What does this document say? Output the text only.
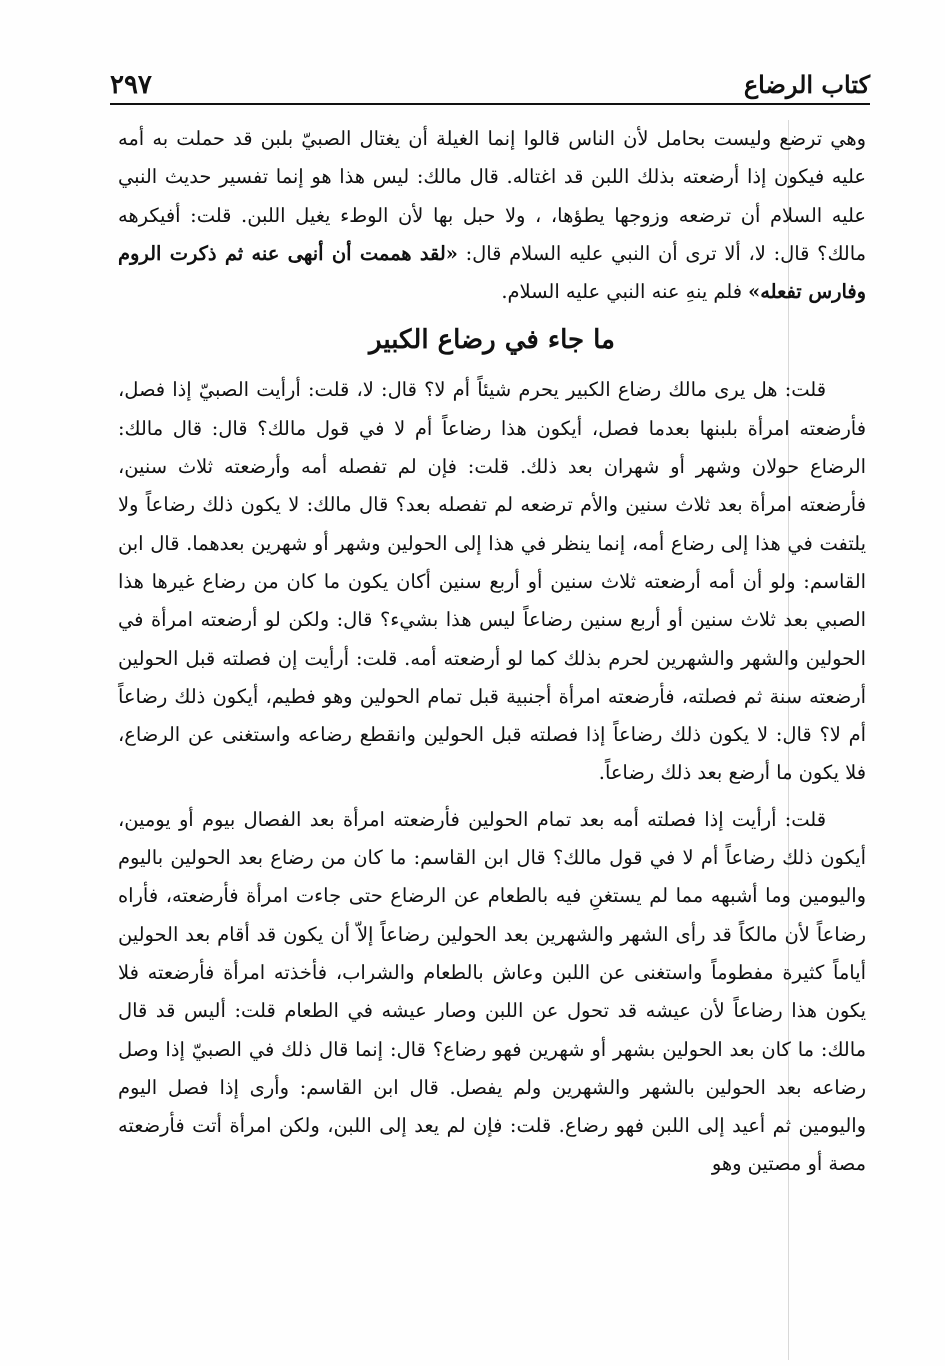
كتاب الرضاع
٢٩٧

وهي ترضع وليست بحامل لأن الناس قالوا إنما الغيلة أن يغتال الصبيّ بلبن قد حملت به أمه عليه فيكون إذا أرضعته بذلك اللبن قد اغتاله. قال مالك: ليس هذا هو إنما تفسير حديث النبي عليه السلام أن ترضعه وزوجها يطؤها، ، ولا حبل بها لأن الوطء يغيل اللبن. قلت: أفيكرهه مالك؟ قال: لا، ألا ترى أن النبي عليه السلام قال: «لقد هممت أن أنهى عنه ثم ذكرت الروم وفارس تفعله» فلم ينهِ عنه النبي عليه السلام.

ما جاء في رضاع الكبير

قلت: هل يرى مالك رضاع الكبير يحرم شيئاً أم لا؟ قال: لا، قلت: أرأيت الصبيّ إذا فصل، فأرضعته امرأة بلبنها بعدما فصل، أيكون هذا رضاعاً أم لا في قول مالك؟ قال: قال مالك: الرضاع حولان وشهر أو شهران بعد ذلك. قلت: فإن لم تفصله أمه وأرضعته ثلاث سنين، فأرضعته امرأة بعد ثلاث سنين والأم ترضعه لم تفصله بعد؟ قال مالك: لا يكون ذلك رضاعاً ولا يلتفت في هذا إلى رضاع أمه، إنما ينظر في هذا إلى الحولين وشهر أو شهرين بعدهما. قال ابن القاسم: ولو أن أمه أرضعته ثلاث سنين أو أربع سنين أكان يكون ما كان من رضاع غيرها هذا الصبي بعد ثلاث سنين أو أربع سنين رضاعاً ليس هذا بشيء؟ قال: ولكن لو أرضعته امرأة في الحولين والشهر والشهرين لحرم بذلك كما لو أرضعته أمه. قلت: أرأيت إن فصلته قبل الحولين أرضعته سنة ثم فصلته، فأرضعته امرأة أجنبية قبل تمام الحولين وهو فطيم، أيكون ذلك رضاعاً أم لا؟ قال: لا يكون ذلك رضاعاً إذا فصلته قبل الحولين وانقطع رضاعه واستغنى عن الرضاع، فلا يكون ما أرضع بعد ذلك رضاعاً.

قلت: أرأيت إذا فصلته أمه بعد تمام الحولين فأرضعته امرأة بعد الفصال بيوم أو يومين، أيكون ذلك رضاعاً أم لا في قول مالك؟ قال ابن القاسم: ما كان من رضاع بعد الحولين باليوم واليومين وما أشبهه مما لم يستغنِ فيه بالطعام عن الرضاع حتى جاءت امرأة فأرضعته، فأراه رضاعاً لأن مالكاً قد رأى الشهر والشهرين بعد الحولين رضاعاً إلاّ أن يكون قد أقام بعد الحولين أياماً كثيرة مفطوماً واستغنى عن اللبن وعاش بالطعام والشراب، فأخذته امرأة فأرضعته فلا يكون هذا رضاعاً لأن عيشه قد تحول عن اللبن وصار عيشه في الطعام قلت: أليس قد قال مالك: ما كان بعد الحولين بشهر أو شهرين فهو رضاع؟ قال: إنما قال ذلك في الصبيّ إذا وصل رضاعه بعد الحولين بالشهر والشهرين ولم يفصل. قال ابن القاسم: وأرى إذا فصل اليوم واليومين ثم أعيد إلى اللبن فهو رضاع. قلت: فإن لم يعد إلى اللبن، ولكن امرأة أتت فأرضعته مصة أو مصتين وهو
